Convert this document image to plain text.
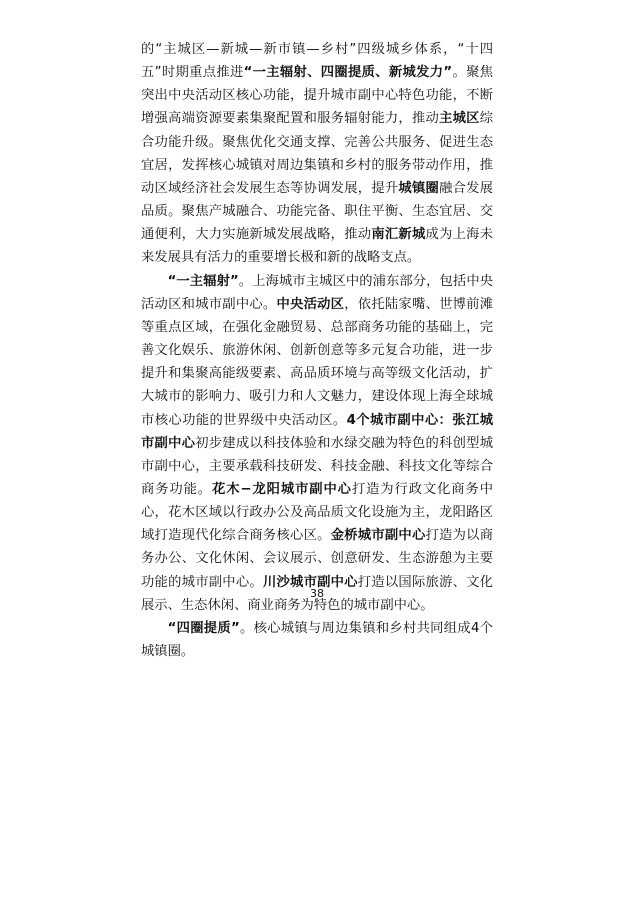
的“主城区—新城—新市镇—乡村”四级城乡体系，“十四五”时期重点推进“一主辐射、四圈提质、新城发力”。聚焦突出中央活动区核心功能，提升城市副中心特色功能，不断增强高端资源要素集聚配置和服务辐射能力，推动主城区综合功能升级。聚焦优化交通支撑、完善公共服务、促进生态宜居，发挥核心城镇对周边集镇和乡村的服务带动作用，推动区域经济社会发展生态等协调发展，提升城镇圈融合发展品质。聚焦产城融合、功能完备、职住平衡、生态宜居、交通便利，大力实施新城发展战略，推动南汇新城成为上海未来发展具有活力的重要增长极和新的战略支点。

“一主辐射”。上海城市主城区中的浦东部分，包括中央活动区和城市副中心。中央活动区，依托陆家嘴、世博前滩等重点区域，在强化金融贸易、总部商务功能的基础上，完善文化娱乐、旅游休闲、创新创意等多元复合功能，进一步提升和集聚高能级要素、高品质环境与高等级文化活动，扩大城市的影响力、吸引力和人文魅力，建设体现上海全球城市核心功能的世界级中央活动区。4个城市副中心：张江城市副中心初步建成以科技体验和水绿交融为特色的科创型城市副中心，主要承载科技研发、科技金融、科技文化等综合商务功能。花木−龙阳城市副中心打造为行政文化商务中心，花木区域以行政办公及高品质文化设施为主，龙阳路区域打造现代化综合商务核心区。金桥城市副中心打造为以商务办公、文化休闲、会议展示、创意研发、生态游憩为主要功能的城市副中心。川沙城市副中心打造以国际旅游、文化展示、生态休闲、商业商务为特色的城市副中心。

“四圈提质”。核心城镇与周边集镇和乡村共同组成4个城镇圈。

38
